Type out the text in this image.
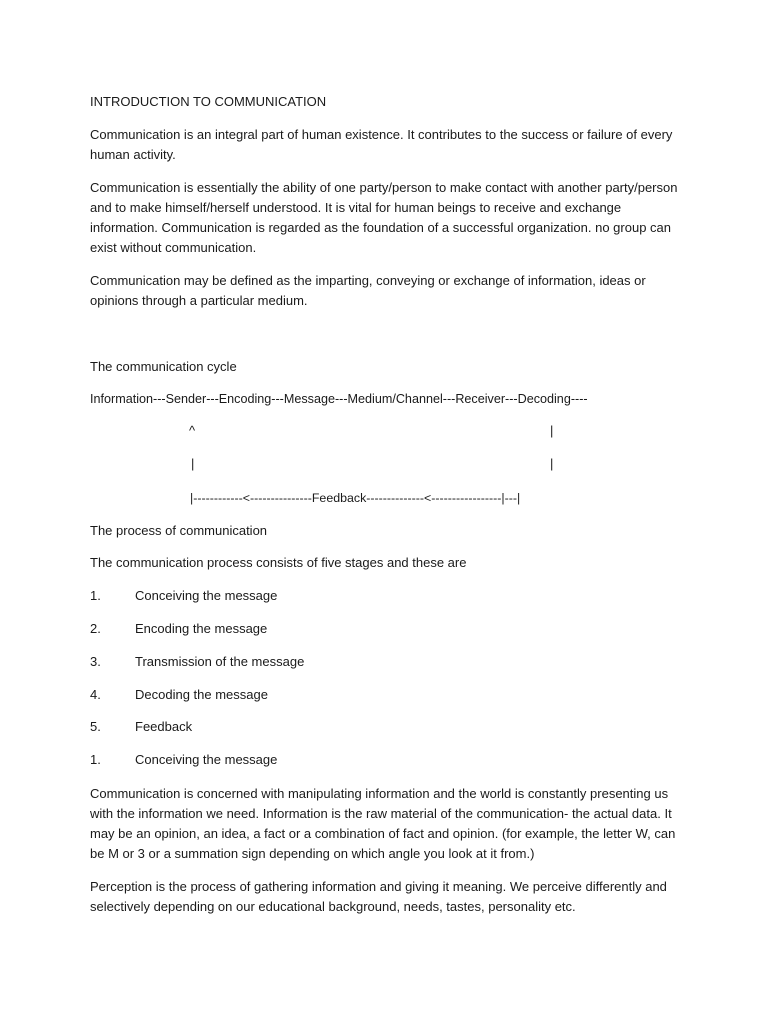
INTRODUCTION TO COMMUNICATION

Communication is an integral part of human existence. It contributes to the success or failure of every human activity.

Communication is essentially the ability of one party/person to make contact with another party/person and to make himself/herself understood. It is vital for human beings to receive and exchange information. Communication is regarded as the foundation of a successful organization. no group can exist without communication.

Communication may be defined as the imparting, conveying or exchange of information, ideas or opinions through a particular medium.

The communication cycle
Information---Sender---Encoding---Message---Medium/Channel---Receiver---Decoding----
^	|
|	|
|------------<---------------Feedback--------------<-----------------|---|
The process of communication
The communication process consists of five stages and these are
1.	Conceiving the message
2.	Encoding the message
3.	Transmission of the message
4.	Decoding the message
5.	Feedback
1.	Conceiving the message

Communication is concerned with manipulating information and the world is constantly presenting us with the information we need. Information is the raw material of the communication- the actual data. It may be an opinion, an idea, a fact or a combination of fact and opinion. (for example, the letter W, can be M or 3 or a summation sign depending on which angle you look at it from.)

Perception is the process of gathering information and giving it meaning. We perceive differently and selectively depending on our educational background, needs, tastes, personality etc.
